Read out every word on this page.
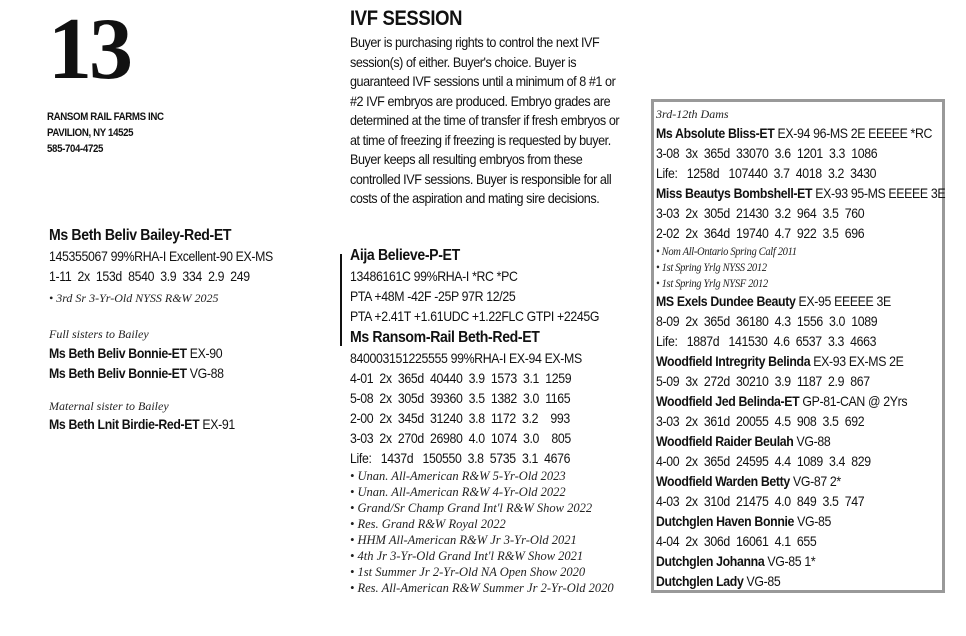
13
RANSOM RAIL FARMS INC
PAVILION, NY 14525
585-704-4725
Ms Beth Beliv Bailey-Red-ET
145355067 99%RHA-I Excellent-90 EX-MS
1-11  2x  153d  8540  3.9  334  2.9  249
• 3rd Sr 3-Yr-Old NYSS R&W 2025
Full sisters to Bailey
Ms Beth Beliv Bonnie-ET EX-90
Ms Beth Beliv Bonnie-ET VG-88
Maternal sister to Bailey
Ms Beth Lnit Birdie-Red-ET EX-91
IVF SESSION
Buyer is purchasing rights to control the next IVF session(s) of either. Buyer's choice. Buyer is guaranteed IVF sessions until a minimum of 8 #1 or #2 IVF embryos are produced. Embryo grades are determined at the time of transfer if fresh embryos or at time of freezing if freezing is requested by buyer. Buyer keeps all resulting embryos from these controlled IVF sessions. Buyer is responsible for all costs of the aspiration and mating sire decisions.
Aija Believe-P-ET
13486161C 99%RHA-I *RC *PC
PTA +48M -42F -25P 97R 12/25
PTA +2.41T +1.61UDC +1.22FLC GTPI +2245G
Ms Ransom-Rail Beth-Red-ET
840003151225555 99%RHA-I EX-94 EX-MS
4-01  2x  365d  40440  3.9  1573  3.1  1259
5-08  2x  305d  39360  3.5  1382  3.0  1165
2-00  2x  345d  31240  3.8  1172  3.2    993
3-03  2x  270d  26980  4.0  1074  3.0    805
Life:   1437d   150550  3.8  5735  3.1  4676
• Unan. All-American R&W 5-Yr-Old 2023
• Unan. All-American R&W 4-Yr-Old 2022
• Grand/Sr Champ Grand Int'l R&W Show 2022
• Res. Grand R&W Royal 2022
• HHM All-American R&W Jr 3-Yr-Old 2021
• 4th Jr 3-Yr-Old Grand Int'l R&W Show 2021
• 1st Summer Jr 2-Yr-Old NA Open Show 2020
• Res. All-American R&W Summer Jr 2-Yr-Old 2020
3rd-12th Dams
Ms Absolute Bliss-ET EX-94 96-MS 2E EEEEE *RC
3-08  3x  365d  33070  3.6  1201  3.3  1086
Life:   1258d   107440  3.7  4018  3.2  3430
Miss Beautys Bombshell-ET EX-93 95-MS EEEEE 3E
3-03  2x  305d  21430  3.2  964  3.5  760
2-02  2x  364d  19740  4.7  922  3.5  696
• Nom All-Ontario Spring Calf 2011
• 1st Spring Yrlg NYSS 2012
• 1st Spring Yrlg NYSF 2012
MS Exels Dundee Beauty EX-95 EEEEE 3E
8-09  2x  365d  36180  4.3  1556  3.0  1089
Life:   1887d   141530  4.6  6537  3.3  4663
Woodfield Intregrity Belinda EX-93 EX-MS 2E
5-09  3x  272d  30210  3.9  1187  2.9  867
Woodfield Jed Belinda-ET GP-81-CAN @ 2Yrs
3-03  2x  361d  20055  4.5  908  3.5  692
Woodfield Raider Beulah VG-88
4-00  2x  365d  24595  4.4  1089  3.4  829
Woodfield Warden Betty VG-87 2*
4-03  2x  310d  21475  4.0  849  3.5  747
Dutchglen Haven Bonnie VG-85
4-04  2x  306d  16061  4.1  655
Dutchglen Johanna VG-85 1*
Dutchglen Lady VG-85
